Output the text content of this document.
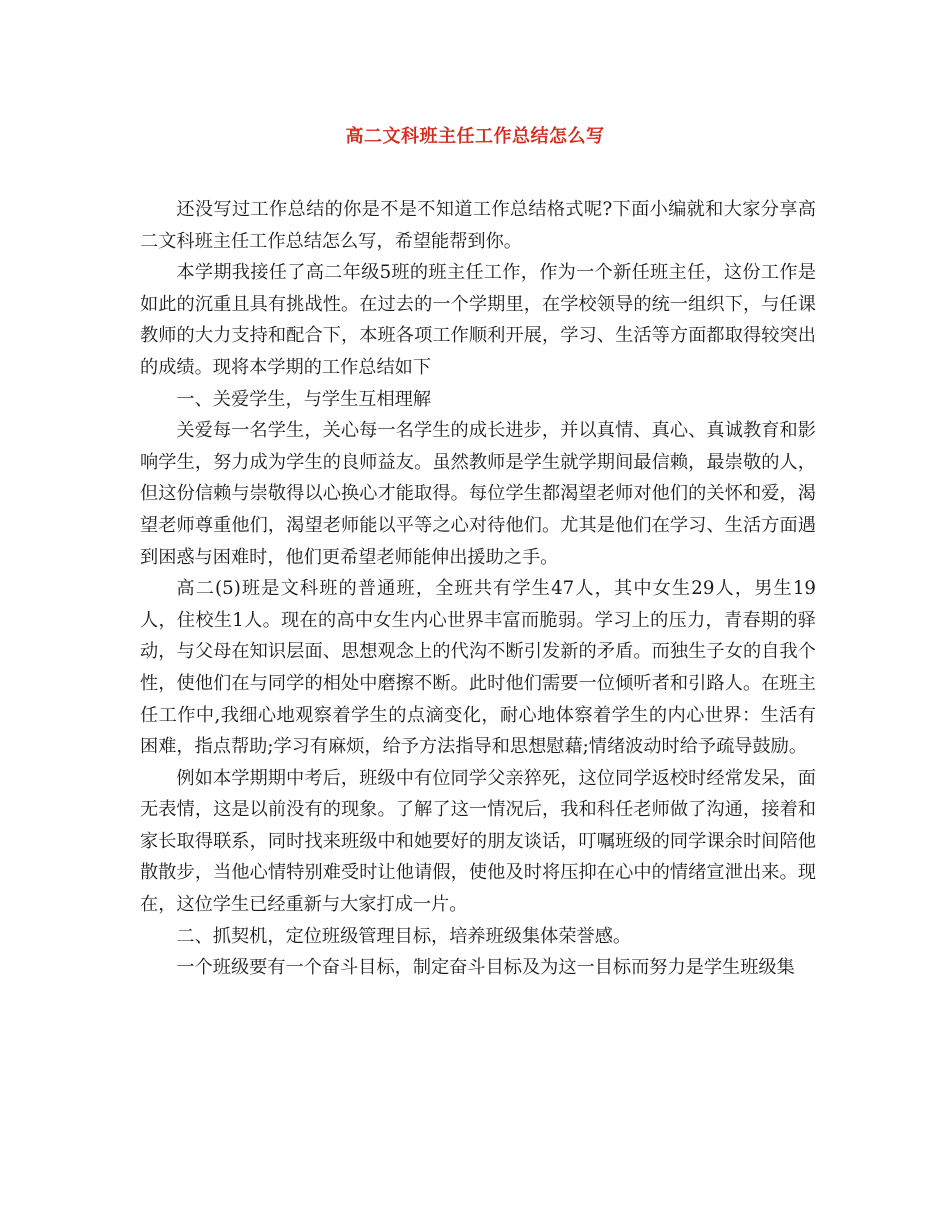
高二文科班主任工作总结怎么写

还没写过工作总结的你是不是不知道工作总结格式呢?下面小编就和大家分享高二文科班主任工作总结怎么写，希望能帮到你。

本学期我接任了高二年级5班的班主任工作，作为一个新任班主任，这份工作是如此的沉重且具有挑战性。在过去的一个学期里，在学校领导的统一组织下，与任课教师的大力支持和配合下，本班各项工作顺利开展，学习、生活等方面都取得较突出的成绩。现将本学期的工作总结如下

一、关爱学生，与学生互相理解

关爱每一名学生，关心每一名学生的成长进步，并以真情、真心、真诚教育和影响学生，努力成为学生的良师益友。虽然教师是学生就学期间最信赖，最崇敬的人，但这份信赖与崇敬得以心换心才能取得。每位学生都渴望老师对他们的关怀和爱，渴望老师尊重他们，渴望老师能以平等之心对待他们。尤其是他们在学习、生活方面遇到困惑与困难时，他们更希望老师能伸出援助之手。

高二(5)班是文科班的普通班，全班共有学生47人，其中女生29人，男生19人，住校生1人。现在的高中女生内心世界丰富而脆弱。学习上的压力，青春期的驿动，与父母在知识层面、思想观念上的代沟不断引发新的矛盾。而独生子女的自我个性，使他们在与同学的相处中磨擦不断。此时他们需要一位倾听者和引路人。在班主任工作中,我细心地观察着学生的点滴变化，耐心地体察着学生的内心世界：生活有困难，指点帮助;学习有麻烦，给予方法指导和思想慰藉;情绪波动时给予疏导鼓励。

例如本学期期中考后，班级中有位同学父亲猝死，这位同学返校时经常发呆，面无表情，这是以前没有的现象。了解了这一情况后，我和科任老师做了沟通，接着和家长取得联系，同时找来班级中和她要好的朋友谈话，叮嘱班级的同学课余时间陪他散散步，当他心情特别难受时让他请假，使他及时将压抑在心中的情绪宣泄出来。现在，这位学生已经重新与大家打成一片。

二、抓契机，定位班级管理目标，培养班级集体荣誉感。

一个班级要有一个奋斗目标，制定奋斗目标及为这一目标而努力是学生班级集
